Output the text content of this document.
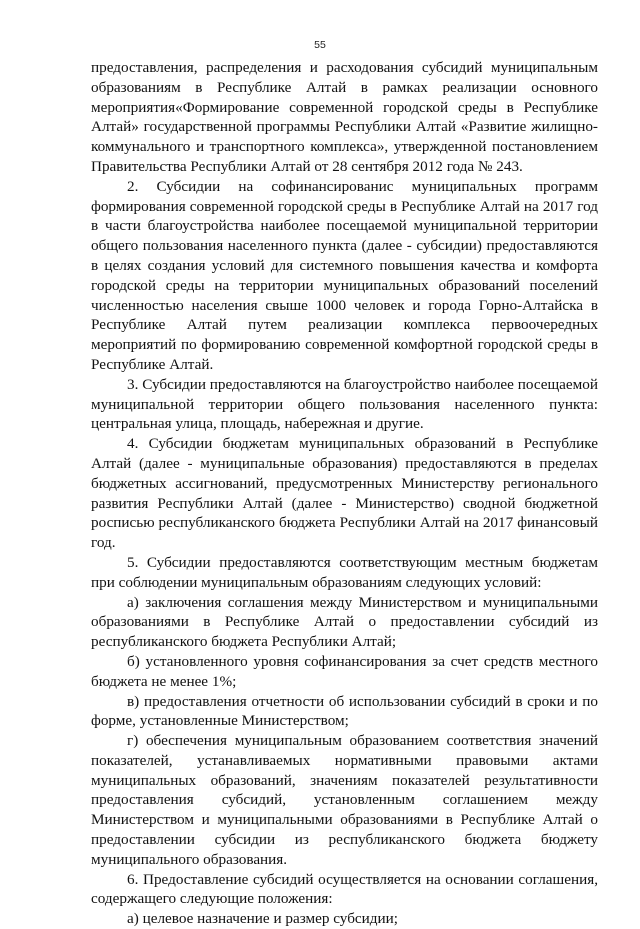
55

предоставления, распределения и расходования субсидий муниципальным образованиям в Республике Алтай в рамках реализации основного мероприятия«Формирование современной городской среды в Республике Алтай» государственной программы Республики Алтай «Развитие жилищно-коммунального и транспортного комплекса», утвержденной постановлением Правительства Республики Алтай от 28 сентября 2012 года № 243.

2. Субсидии на софинансированис муниципальных программ формирования современной городской среды в Республике Алтай на 2017 год в части благоустройства наиболее посещаемой муниципальной территории общего пользования населенного пункта (далее - субсидии) предоставляются в целях создания условий для системного повышения качества и комфорта городской среды на территории муниципальных образований поселений численностью населения свыше 1000 человек и города Горно-Алтайска в Республике Алтай путем реализации комплекса первоочередных мероприятий по формированию современной комфортной городской среды в Республике Алтай.

3. Субсидии предоставляются на благоустройство наиболее посещаемой муниципальной территории общего пользования населенного пункта: центральная улица, площадь, набережная и другие.

4. Субсидии бюджетам муниципальных образований в Республике Алтай (далее - муниципальные образования) предоставляются в пределах бюджетных ассигнований, предусмотренных Министерству регионального развития Республики Алтай (далее - Министерство) сводной бюджетной росписью республиканского бюджета Республики Алтай на 2017 финансовый год.

5. Субсидии предоставляются соответствующим местным бюджетам при соблюдении муниципальным образованиям следующих условий:

а) заключения соглашения между Министерством и муниципальными образованиями в Республике Алтай о предоставлении субсидий из республиканского бюджета Республики Алтай;

б) установленного уровня софинансирования за счет средств местного бюджета не менее 1%;

в) предоставления отчетности об использовании субсидий в сроки и по форме, установленные Министерством;

г) обеспечения муниципальным образованием соответствия значений показателей, устанавливаемых нормативными правовыми актами муниципальных образований, значениям показателей результативности предоставления субсидий, установленным соглашением между Министерством и муниципальными образованиями в Республике Алтай о предоставлении субсидии из республиканского бюджета бюджету муниципального образования.

6. Предоставление субсидий осуществляется на основании соглашения, содержащего следующие положения:

а) целевое назначение и размер субсидии;
